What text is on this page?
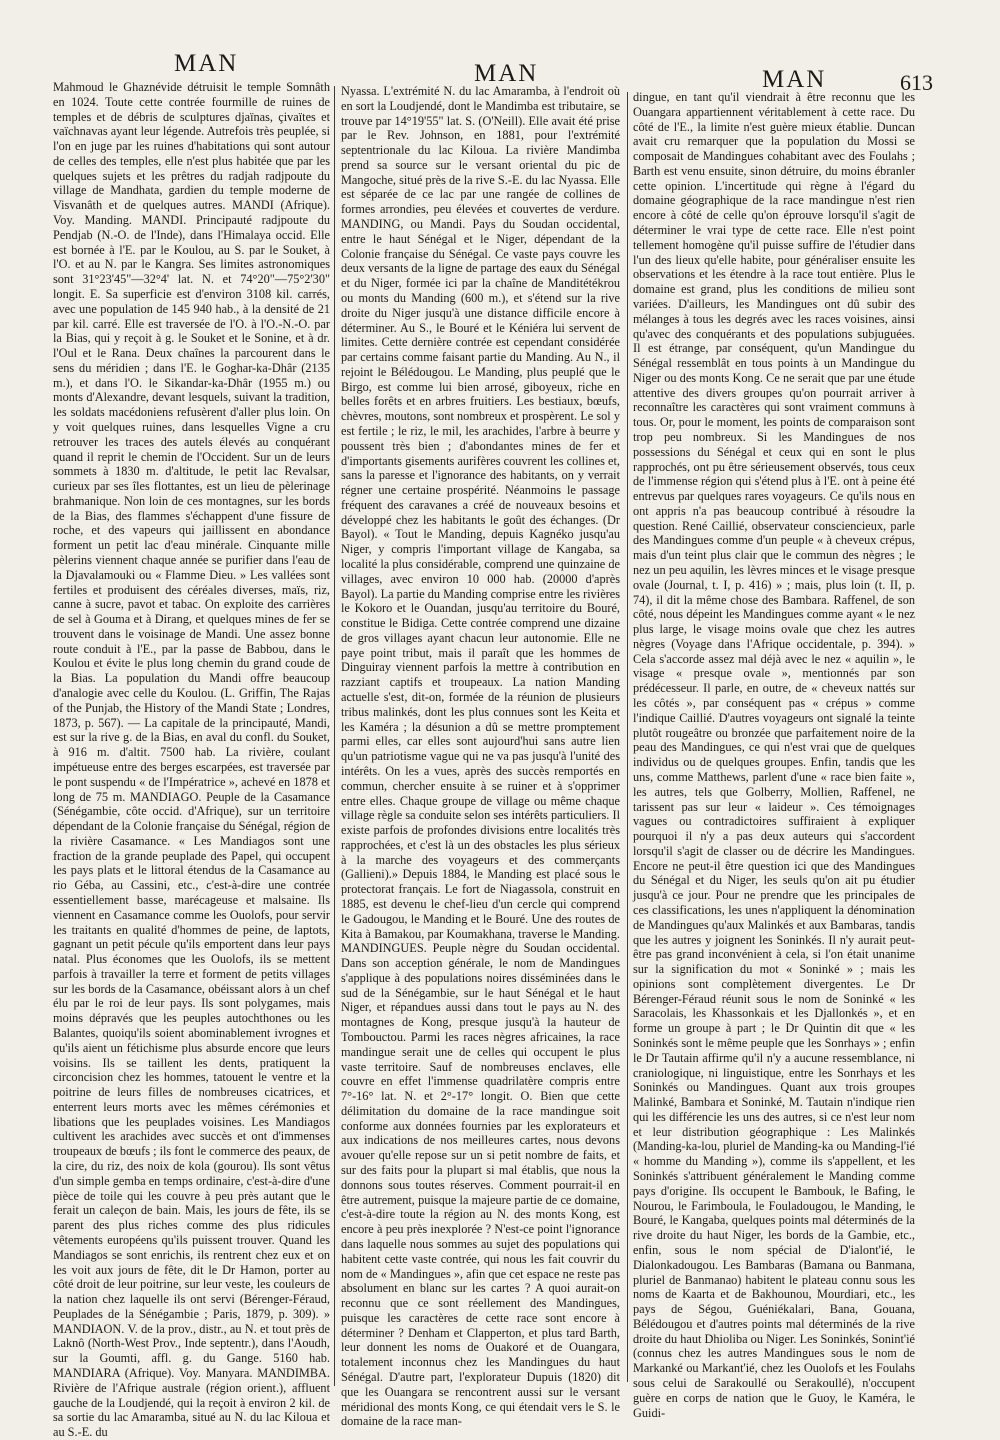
MAN	MAN	MAN	613

Mahmoud le Ghaznévide détruisit le temple Somnâth en 1024. Toute cette contrée fourmille de ruines de temples et de débris de sculptures djaïnas, çivaïtes et vaïchnavas ayant leur légende. Autrefois très peuplée, si l'on en juge par les ruines d'habitations qui sont autour de celles des temples, elle n'est plus habitée que par les quelques sujets et les prêtres du radjah radjpoute du village de Mandhata, gardien du temple moderne de Visvanâth et de quelques autres. MANDI (Afrique). Voy. Manding. MANDI. Principauté radjpoute du Pendjab (N.-O. de l'Inde), dans l'Himalaya occid. Elle est bornée à l'E. par le Koulou, au S. par le Souket, à l'O. et au N. par le Kangra. Ses limites astronomiques sont 31°23'45"—32°4' lat. N. et 74°20"—75°2'30" longit. E. Sa superficie est d'environ 3108 kil. carrés, avec une population de 145 940 hab., à la densité de 21 par kil. carré. Elle est traversée de l'O. à l'O.-N.-O. par la Bias, qui y reçoit à g. le Souket et le Sonine, et à dr. l'Oul et le Rana. Deux chaînes la parcourent dans le sens du méridien ; dans l'E. le Goghar-ka-Dhâr (2135 m.), et dans l'O. le Sikandar-ka-Dhâr (1955 m.) ou monts d'Alexandre, devant lesquels, suivant la tradition, les soldats macédoniens refusèrent d'aller plus loin. On y voit quelques ruines, dans lesquelles Vigne a cru retrouver les traces des autels élevés au conquérant quand il reprit le chemin de l'Occident. Sur un de leurs sommets à 1830 m. d'altitude, le petit lac Revalsar, curieux par ses îles flottantes, est un lieu de pèlerinage brahmanique. Non loin de ces montagnes, sur les bords de la Bias, des flammes s'échappent d'une fissure de roche, et des vapeurs qui jaillissent en abondance forment un petit lac d'eau minérale. Cinquante mille pèlerins viennent chaque année se purifier dans l'eau de la Djavalamouki ou « Flamme Dieu. » Les vallées sont fertiles et produisent des céréales diverses, maïs, riz, canne à sucre, pavot et tabac. On exploite des carrières de sel à Gouma et à Dirang, et quelques mines de fer se trouvent dans le voisinage de Mandi. Une assez bonne route conduit à l'E., par la passe de Babbou, dans le Koulou et évite le plus long chemin du grand coude de la Bias. La population du Mandi offre beaucoup d'analogie avec celle du Koulou. (L. Griffin, The Rajas of the Punjab, the History of the Mandi State ; Londres, 1873, p. 567). — La capitale de la principauté, Mandi, est sur la rive g. de la Bias, en aval du confl. du Souket, à 916 m. d'altit. 7500 hab. La rivière, coulant impétueuse entre des berges escarpées, est traversée par le pont suspendu « de l'Impératrice », achevé en 1878 et long de 75 m. MANDIAGO. Peuple de la Casamance (Sénégambie, côte occid. d'Afrique), sur un territoire dépendant de la Colonie française du Sénégal, région de la rivière Casamance. « Les Mandiagos sont une fraction de la grande peuplade des Papel, qui occupent les pays plats et le littoral étendus de la Casamance au rio Géba, au Cassini, etc., c'est-à-dire une contrée essentiellement basse, marécageuse et malsaine. Ils viennent en Casamance comme les Ouolofs, pour servir les traitants en qualité d'hommes de peine, de laptots, gagnant un petit pécule qu'ils emportent dans leur pays natal. Plus économes que les Ouolofs, ils se mettent parfois à travailler la terre et forment de petits villages sur les bords de la Casamance, obéissant alors à un chef élu par le roi de leur pays. Ils sont polygames, mais moins dépravés que les peuples autochthones ou les Balantes, quoiqu'ils soient abominablement ivrognes et qu'ils aient un fétichisme plus absurde encore que leurs voisins. Ils se taillent les dents, pratiquent la circoncision chez les hommes, tatouent le ventre et la poitrine de leurs filles de nombreuses cicatrices, et enterrent leurs morts avec les mêmes cérémonies et libations que les peuplades voisines. Les Mandiagos cultivent les arachides avec succès et ont d'immenses troupeaux de bœufs ; ils font le commerce des peaux, de la cire, du riz, des noix de kola (gourou). Ils sont vêtus d'un simple gemba en temps ordinaire, c'est-à-dire d'une pièce de toile qui les couvre à peu près autant que le ferait un caleçon de bain. Mais, les jours de fête, ils se parent des plus riches comme des plus ridicules vêtements européens qu'ils puissent trouver. Quand les Mandiagos se sont enrichis, ils rentrent chez eux et on les voit aux jours de fête, dit le Dr Hamon, porter au côté droit de leur poitrine, sur leur veste, les couleurs de la nation chez laquelle ils ont servi (Bérenger-Féraud, Peuplades de la Sénégambie ; Paris, 1879, p. 309). » MANDIAON. V. de la prov., distr., au N. et tout près de Laknô (North-West Prov., Inde septentr.), dans l'Aoudh, sur la Goumti, affl. g. du Gange. 5160 hab. MANDIARA (Afrique). Voy. Manyara. MANDIMBA. Rivière de l'Afrique australe (région orient.), affluent gauche de la Loudjendé, qui la reçoit à environ 2 kil. de sa sortie du lac Amaramba, situé au N. du lac Kiloua et au S.-E. du

Nyassa. L'extrémité N. du lac Amaramba, à l'endroit où en sort la Loudjendé, dont le Mandimba est tributaire, se trouve par 14°19'55" lat. S. (O'Neill). Elle avait été prise par le Rev. Johnson, en 1881, pour l'extrémité septentrionale du lac Kiloua. La rivière Mandimba prend sa source sur le versant oriental du pic de Mangoche, situé près de la rive S.-E. du lac Nyassa. Elle est séparée de ce lac par une rangée de collines de formes arrondies, peu élevées et couvertes de verdure. MANDING, ou Mandi. Pays du Soudan occidental, entre le haut Sénégal et le Niger, dépendant de la Colonie française du Sénégal. Ce vaste pays couvre les deux versants de la ligne de partage des eaux du Sénégal et du Niger, formée ici par la chaîne de Manditétékrou ou monts du Manding (600 m.), et s'étend sur la rive droite du Niger jusqu'à une distance difficile encore à déterminer. Au S., le Bouré et le Kéniéra lui servent de limites. Cette dernière contrée est cependant considérée par certains comme faisant partie du Manding. Au N., il rejoint le Bélédougou. Le Manding, plus peuplé que le Birgo, est comme lui bien arrosé, giboyeux, riche en belles forêts et en arbres fruitiers. Les bestiaux, bœufs, chèvres, moutons, sont nombreux et prospèrent. Le sol y est fertile ; le riz, le mil, les arachides, l'arbre à beurre y poussent très bien ; d'abondantes mines de fer et d'importants gisements aurifères couvrent les collines et, sans la paresse et l'ignorance des habitants, on y verrait régner une certaine prospérité. Néanmoins le passage fréquent des caravanes a créé de nouveaux besoins et développé chez les habitants le goût des échanges. (Dr Bayol). « Tout le Manding, depuis Kagnéko jusqu'au Niger, y compris l'important village de Kangaba, sa localité la plus considérable, comprend une quinzaine de villages, avec environ 10 000 hab. (20000 d'après Bayol). La partie du Manding comprise entre les rivières le Kokoro et le Ouandan, jusqu'au territoire du Bouré, constitue le Bidiga. Cette contrée comprend une dizaine de gros villages ayant chacun leur autonomie. Elle ne paye point tribut, mais il paraît que les hommes de Dinguiray viennent parfois la mettre à contribution en razziant captifs et troupeaux. La nation Manding actuelle s'est, dit-on, formée de la réunion de plusieurs tribus malinkés, dont les plus connues sont les Keita et les Kaméra ; la désunion a dû se mettre promptement parmi elles, car elles sont aujourd'hui sans autre lien qu'un patriotisme vague qui ne va pas jusqu'à l'unité des intérêts. On les a vues, après des succès remportés en commun, chercher ensuite à se ruiner et à s'opprimer entre elles. Chaque groupe de village ou même chaque village règle sa conduite selon ses intérêts particuliers. Il existe parfois de profondes divisions entre localités très rapprochées, et c'est là un des obstacles les plus sérieux à la marche des voyageurs et des commerçants (Gallieni).» Depuis 1884, le Manding est placé sous le protectorat français. Le fort de Niagassola, construit en 1885, est devenu le chef-lieu d'un cercle qui comprend le Gadougou, le Manding et le Bouré. Une des routes de Kita à Bamakou, par Koumakhana, traverse le Manding. MANDINGUES. Peuple nègre du Soudan occidental. Dans son acception générale, le nom de Mandingues s'applique à des populations noires disséminées dans le sud de la Sénégambie, sur le haut Sénégal et le haut Niger, et répandues aussi dans tout le pays au N. des montagnes de Kong, presque jusqu'à la hauteur de Tombouctou. Parmi les races nègres africaines, la race mandingue serait une de celles qui occupent le plus vaste territoire. Sauf de nombreuses enclaves, elle couvre en effet l'immense quadrilatère compris entre 7°-16° lat. N. et 2°-17° longit. O. Bien que cette délimitation du domaine de la race mandingue soit conforme aux données fournies par les explorateurs et aux indications de nos meilleures cartes, nous devons avouer qu'elle repose sur un si petit nombre de faits, et sur des faits pour la plupart si mal établis, que nous la donnons sous toutes réserves. Comment pourrait-il en être autrement, puisque la majeure partie de ce domaine, c'est-à-dire toute la région au N. des monts Kong, est encore à peu près inexplorée ? N'est-ce point l'ignorance dans laquelle nous sommes au sujet des populations qui habitent cette vaste contrée, qui nous les fait couvrir du nom de « Mandingues », afin que cet espace ne reste pas absolument en blanc sur les cartes ? A quoi aurait-on reconnu que ce sont réellement des Mandingues, puisque les caractères de cette race sont encore à déterminer ? Denham et Clapperton, et plus tard Barth, leur donnent les noms de Ouakoré et de Ouangara, totalement inconnus chez les Mandingues du haut Sénégal. D'autre part, l'explorateur Dupuis (1820) dit que les Ouangara se rencontrent aussi sur le versant méridional des monts Kong, ce qui étendait vers le S. le domaine de la race man-

dingue, en tant qu'il viendrait à être reconnu que les Ouangara appartiennent véritablement à cette race. Du côté de l'E., la limite n'est guère mieux établie. Duncan avait cru remarquer que la population du Mossi se composait de Mandingues cohabitant avec des Foulahs ; Barth est venu ensuite, sinon détruire, du moins ébranler cette opinion. L'incertitude qui règne à l'égard du domaine géographique de la race mandingue n'est rien encore à côté de celle qu'on éprouve lorsqu'il s'agit de déterminer le vrai type de cette race. Elle n'est point tellement homogène qu'il puisse suffire de l'étudier dans l'un des lieux qu'elle habite, pour généraliser ensuite les observations et les étendre à la race tout entière. Plus le domaine est grand, plus les conditions de milieu sont variées. D'ailleurs, les Mandingues ont dû subir des mélanges à tous les degrés avec les races voisines, ainsi qu'avec des conquérants et des populations subjuguées. Il est étrange, par conséquent, qu'un Mandingue du Sénégal ressemblât en tous points à un Mandingue du Niger ou des monts Kong. Ce ne serait que par une étude attentive des divers groupes qu'on pourrait arriver à reconnaître les caractères qui sont vraiment communs à tous. Or, pour le moment, les points de comparaison sont trop peu nombreux. Si les Mandingues de nos possessions du Sénégal et ceux qui en sont le plus rapprochés, ont pu être sérieusement observés, tous ceux de l'immense région qui s'étend plus à l'E. ont à peine été entrevus par quelques rares voyageurs. Ce qu'ils nous en ont appris n'a pas beaucoup contribué à résoudre la question. René Caillié, observateur consciencieux, parle des Mandingues comme d'un peuple « à cheveux crépus, mais d'un teint plus clair que le commun des nègres ; le nez un peu aquilin, les lèvres minces et le visage presque ovale (Journal, t. I, p. 416) » ; mais, plus loin (t. II, p. 74), il dit la même chose des Bambara. Raffenel, de son côté, nous dépeint les Mandingues comme ayant « le nez plus large, le visage moins ovale que chez les autres nègres (Voyage dans l'Afrique occidentale, p. 394). » Cela s'accorde assez mal déjà avec le nez « aquilin », le visage « presque ovale », mentionnés par son prédécesseur. Il parle, en outre, de « cheveux nattés sur les côtés », par conséquent pas « crépus » comme l'indique Caillié. D'autres voyageurs ont signalé la teinte plutôt rougeâtre ou bronzée que parfaitement noire de la peau des Mandingues, ce qui n'est vrai que de quelques individus ou de quelques groupes. Enfin, tandis que les uns, comme Matthews, parlent d'une « race bien faite », les autres, tels que Golberry, Mollien, Raffenel, ne tarissent pas sur leur « laideur ». Ces témoignages vagues ou contradictoires suffiraient à expliquer pourquoi il n'y a pas deux auteurs qui s'accordent lorsqu'il s'agit de classer ou de décrire les Mandingues. Encore ne peut-il être question ici que des Mandingues du Sénégal et du Niger, les seuls qu'on ait pu étudier jusqu'à ce jour. Pour ne prendre que les principales de ces classifications, les unes n'appliquent la dénomination de Mandingues qu'aux Malinkés et aux Bambaras, tandis que les autres y joignent les Soninkés. Il n'y aurait peut-être pas grand inconvénient à cela, si l'on était unanime sur la signification du mot « Soninké » ; mais les opinions sont complètement divergentes. Le Dr Bérenger-Féraud réunit sous le nom de Soninké « les Saracolais, les Khassonkais et les Djallonkés », et en forme un groupe à part ; le Dr Quintin dit que « les Soninkés sont le même peuple que les Sonrhays » ; enfin le Dr Tautain affirme qu'il n'y a aucune ressemblance, ni craniologique, ni linguistique, entre les Sonrhays et les Soninkés ou Mandingues. Quant aux trois groupes Malinké, Bambara et Soninké, M. Tautain n'indique rien qui les différencie les uns des autres, si ce n'est leur nom et leur distribution géographique : Les Malinkés (Manding-ka-lou, pluriel de Manding-ka ou Manding-l'ié « homme du Manding »), comme ils s'appellent, et les Soninkés s'attribuent généralement le Manding comme pays d'origine. Ils occupent le Bambouk, le Bafing, le Nourou, le Farimboula, le Fouladougou, le Manding, le Bouré, le Kangaba, quelques points mal déterminés de la rive droite du haut Niger, les bords de la Gambie, etc., enfin, sous le nom spécial de D'ialont'ié, le Dialonkadougou. Les Bambaras (Bamana ou Banmana, pluriel de Banmanao) habitent le plateau connu sous les noms de Kaarta et de Bakhounou, Mourdiari, etc., les pays de Ségou, Guéniékalari, Bana, Gouana, Bélédougou et d'autres points mal déterminés de la rive droite du haut Dhioliba ou Niger. Les Soninkés, Sonint'ié (connus chez les autres Mandingues sous le nom de Markanké ou Markant'ié, chez les Ouolofs et les Foulahs sous celui de Sarakoullé ou Serakoullé), n'occupent guère en corps de nation que le Guoy, le Kaméra, le Guidi-
